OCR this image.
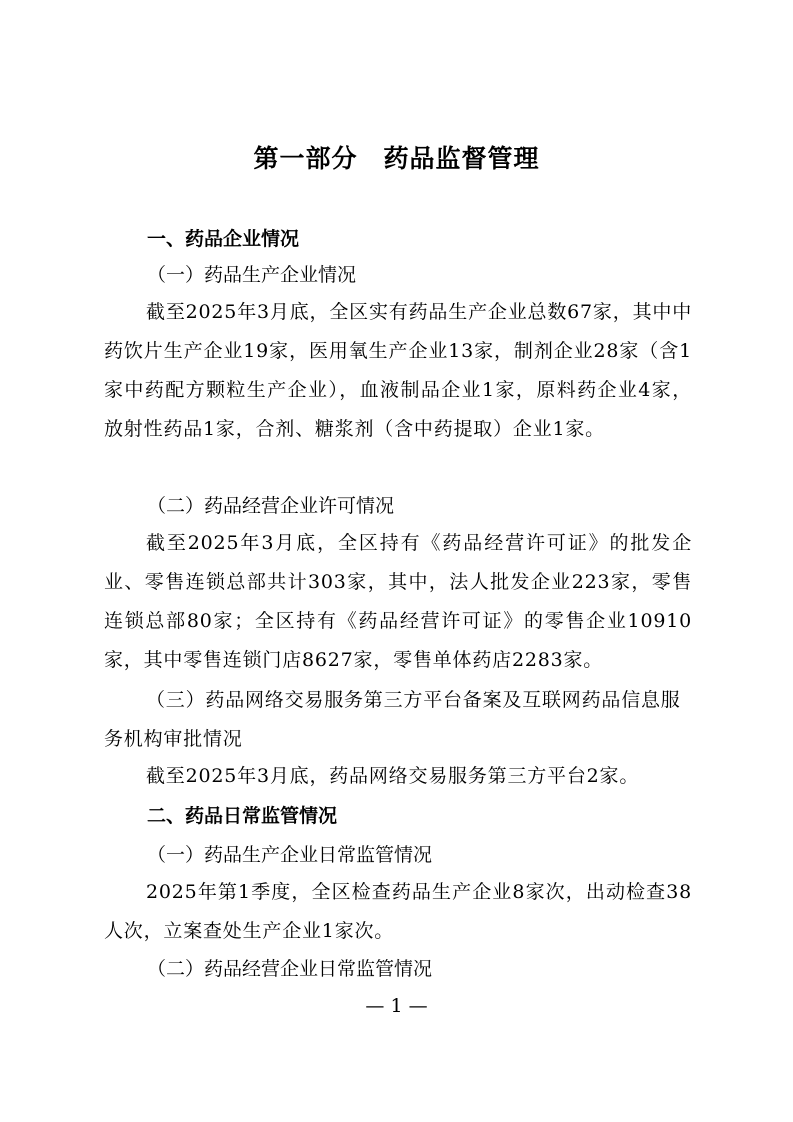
第一部分　药品监督管理
一、药品企业情况
（一）药品生产企业情况
截至2025年3月底，全区实有药品生产企业总数67家，其中中药饮片生产企业19家，医用氧生产企业13家，制剂企业28家（含1家中药配方颗粒生产企业），血液制品企业1家，原料药企业4家，放射性药品1家，合剂、糖浆剂（含中药提取）企业1家。
（二）药品经营企业许可情况
截至2025年3月底，全区持有《药品经营许可证》的批发企业、零售连锁总部共计303家，其中，法人批发企业223家，零售连锁总部80家；全区持有《药品经营许可证》的零售企业10910家，其中零售连锁门店8627家，零售单体药店2283家。
（三）药品网络交易服务第三方平台备案及互联网药品信息服务机构审批情况
截至2025年3月底，药品网络交易服务第三方平台2家。
二、药品日常监管情况
（一）药品生产企业日常监管情况
2025年第1季度，全区检查药品生产企业8家次，出动检查38人次，立案查处生产企业1家次。
（二）药品经营企业日常监管情况
— 1 —
